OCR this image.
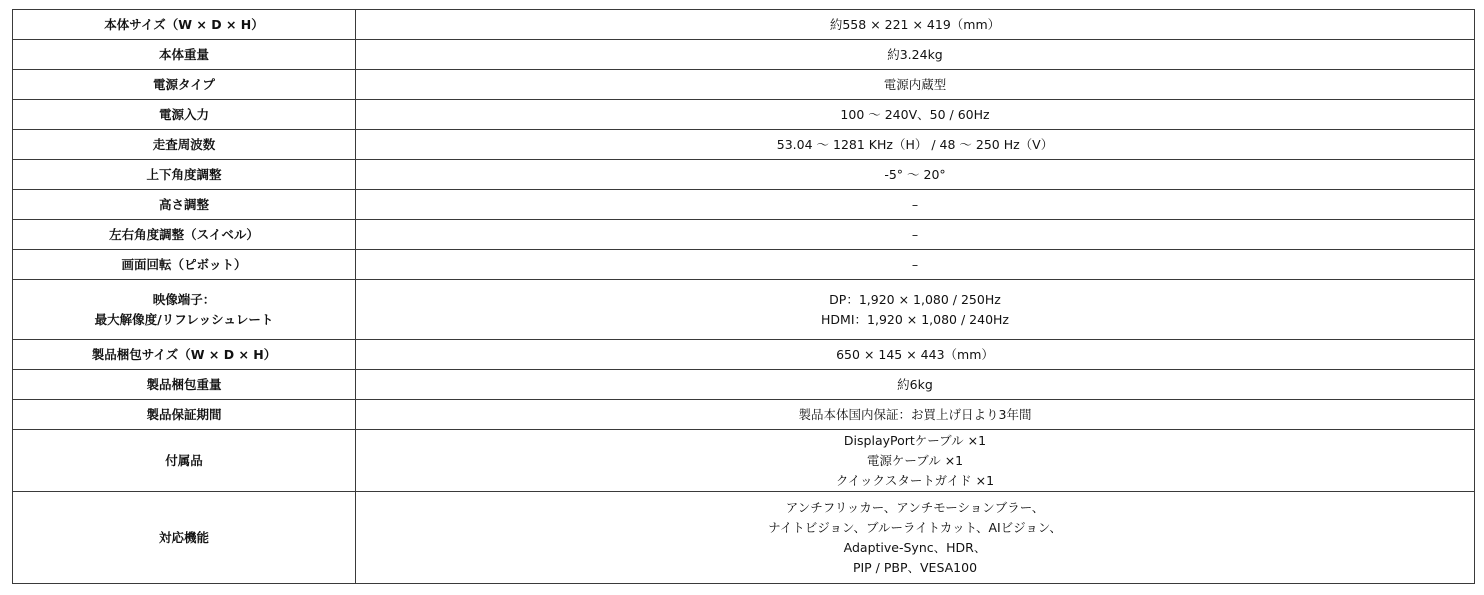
本体サイズ（W × D × H）	約558 × 221 × 419（mm）

本体重量	約3.24kg

電源タイプ	電源内蔵型

電源入力	100 〜 240V、50 / 60Hz

走査周波数	53.04 〜 1281 KHz（H） / 48 〜 250 Hz（V）

上下角度調整	-5° 〜 20°

高さ調整	–

左右角度調整（スイベル）	–

画面回転（ピボット）	–

映像端子：
最大解像度/リフレッシュレート	DP：1,920 × 1,080 / 250Hz
HDMI：1,920 × 1,080 / 240Hz

製品梱包サイズ（W × D × H）	650 × 145 × 443（mm）

製品梱包重量	約6kg

製品保証期間	製品本体国内保証：お買上げ日より3年間

付属品	DisplayPortケーブル ×1
電源ケーブル ×1
クイックスタートガイド ×1

対応機能	アンチフリッカー、アンチモーションブラー、
ナイトビジョン、ブルーライトカット、AIビジョン、
Adaptive-Sync、HDR、
PIP / PBP、VESA100
